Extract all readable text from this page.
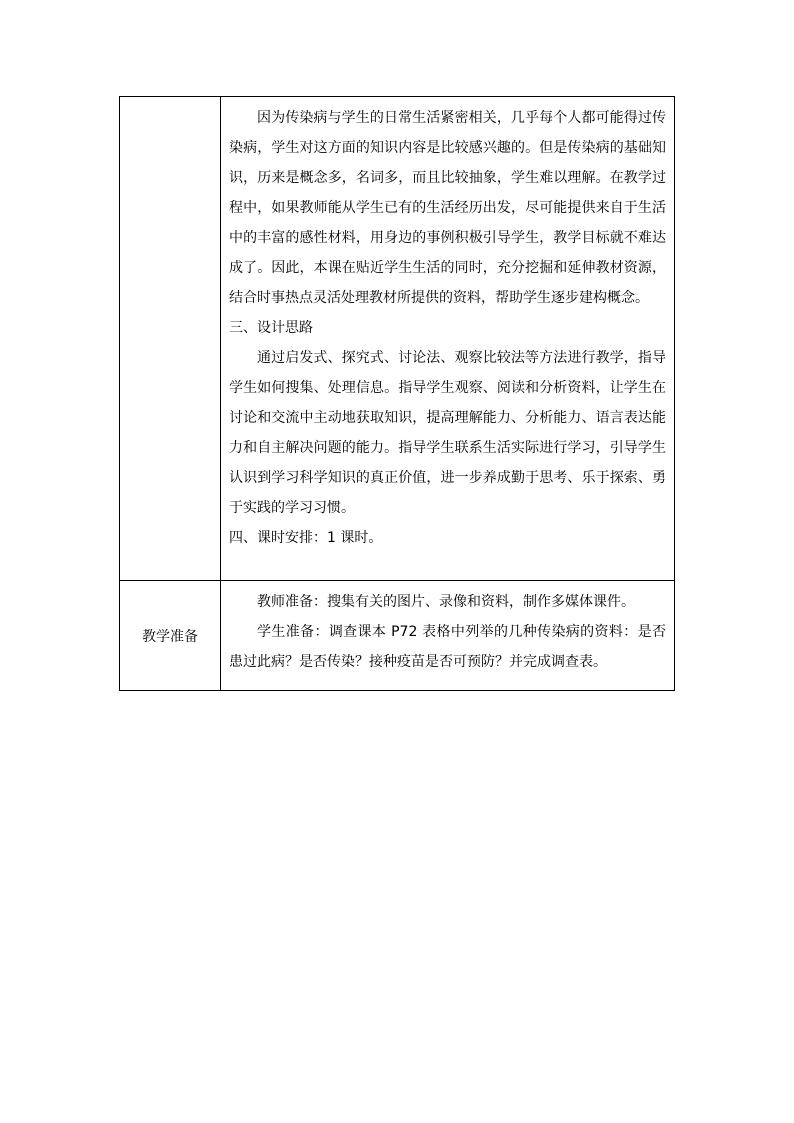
	因为传染病与学生的日常生活紧密相关，几乎每个人都可能得过传染病，学生对这方面的知识内容是比较感兴趣的。但是传染病的基础知识，历来是概念多，名词多，而且比较抽象，学生难以理解。在教学过程中，如果教师能从学生已有的生活经历出发，尽可能提供来自于生活中的丰富的感性材料，用身边的事例积极引导学生，教学目标就不难达成了。因此，本课在贴近学生生活的同时，充分挖掘和延伸教材资源，结合时事热点灵活处理教材所提供的资料，帮助学生逐步建构概念。

三、设计思路

通过启发式、探究式、讨论法、观察比较法等方法进行教学，指导学生如何搜集、处理信息。指导学生观察、阅读和分析资料，让学生在讨论和交流中主动地获取知识，提高理解能力、分析能力、语言表达能力和自主解决问题的能力。指导学生联系生活实际进行学习，引导学生认识到学习科学知识的真正价值，进一步养成勤于思考、乐于探索、勇于实践的学习习惯。

四、课时安排：1 课时。

教学准备	教师准备：搜集有关的图片、录像和资料，制作多媒体课件。

学生准备：调查课本 P72 表格中列举的几种传染病的资料：是否患过此病？是否传染？接种疫苗是否可预防？并完成调查表。
